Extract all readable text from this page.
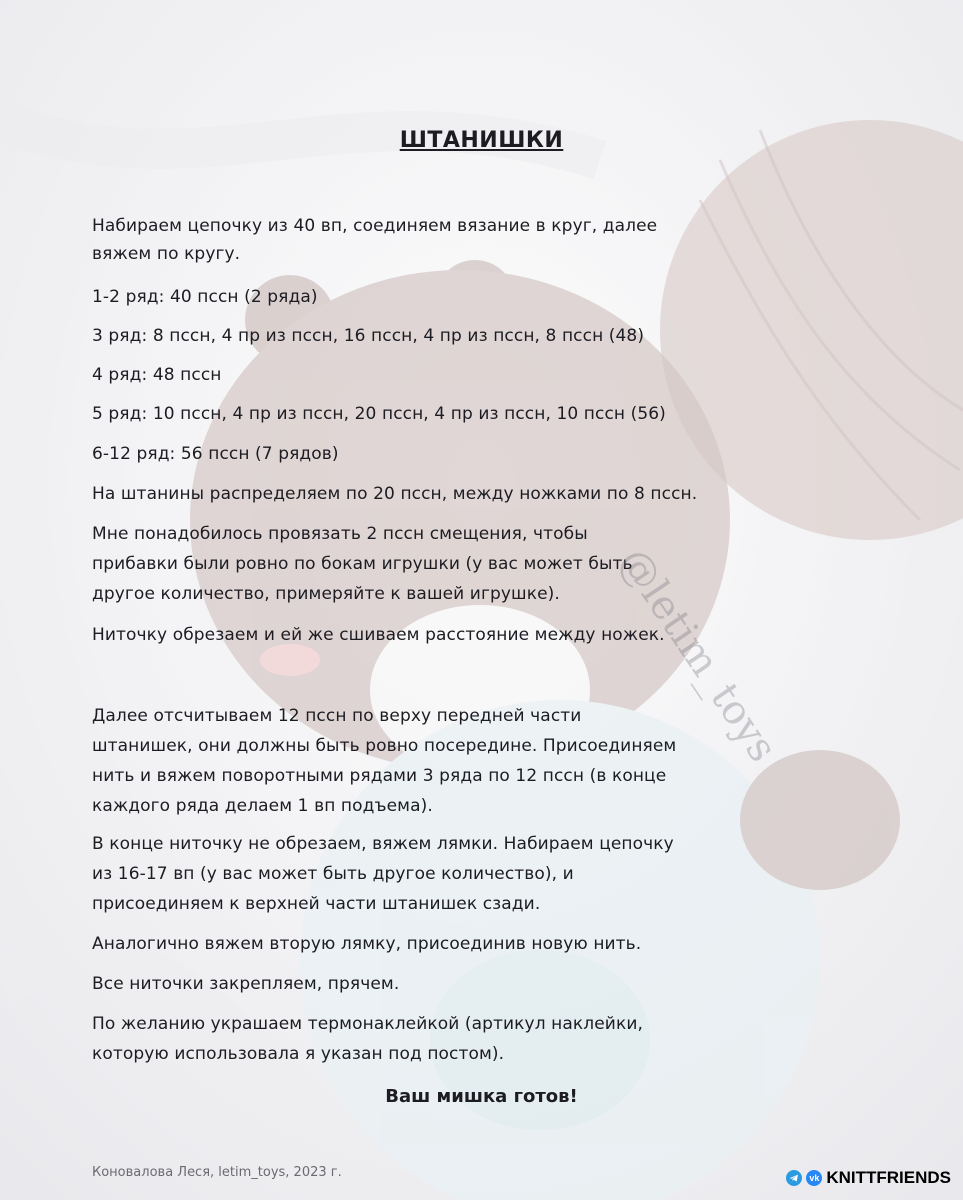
ШТАНИШКИ
Набираем цепочку из 40 вп, соединяем вязание в круг, далее
вяжем по кругу.
1-2 ряд: 40 пссн (2 ряда)
3 ряд: 8 пссн, 4 пр из пссн, 16 пссн, 4 пр из пссн, 8 пссн (48)
4 ряд: 48 пссн
5 ряд: 10 пссн, 4 пр из пссн, 20 пссн, 4 пр из пссн, 10 пссн (56)
6-12 ряд: 56 пссн (7 рядов)
На штанины распределяем по 20 пссн, между ножками по 8 пссн.
Мне понадобилось провязать 2 пссн смещения, чтобы
прибавки были ровно по бокам игрушки (у вас может быть
другое количество, примеряйте к вашей игрушке).
Ниточку обрезаем и ей же сшиваем расстояние между ножек.
Далее отсчитываем 12 пссн по верху передней части
штанишек, они должны быть ровно посередине. Присоединяем
нить и вяжем поворотными рядами 3 ряда по 12 пссн (в конце
каждого ряда делаем 1 вп подъема).
В конце ниточку не обрезаем, вяжем лямки. Набираем цепочку
из 16-17 вп (у вас может быть другое количество), и
присоединяем к верхней части штанишек сзади.
Аналогично вяжем вторую лямку, присоединив новую нить.
Все ниточки закрепляем, прячем.
По желанию украшаем термонаклейкой (артикул наклейки,
которую использовала я указан под постом).
Ваш мишка готов!
@letim_toys
Коновалова Леся, letim_toys, 2023 г.	vk KNITTFRIENDS
